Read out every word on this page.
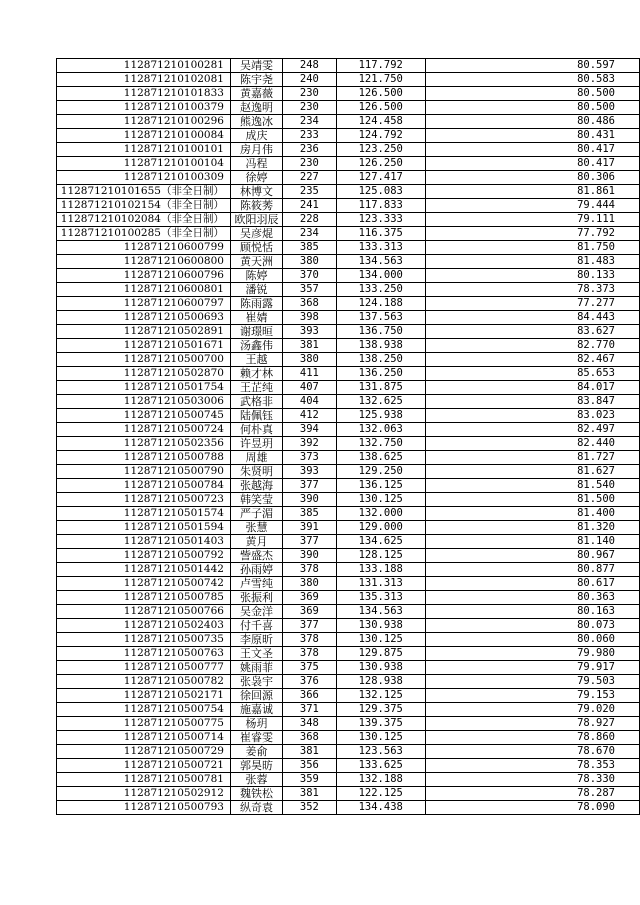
112871210100281	吴靖雯	248	117.792	80.597
112871210102081	陈宇尧	240	121.750	80.583
112871210101833	黄嘉薇	230	126.500	80.500
112871210100379	赵逸明	230	126.500	80.500
112871210100296	熊逸冰	234	124.458	80.486
112871210100084	成庆	233	124.792	80.431
112871210100101	房月伟	236	123.250	80.417
112871210100104	冯程	230	126.250	80.417
112871210100309	徐婷	227	127.417	80.306
112871210101655（非全日制）	林博文	235	125.083	81.861
112871210102154（非全日制）	陈筱莠	241	117.833	79.444
112871210102084（非全日制）	欧阳羽辰	228	123.333	79.111
112871210100285（非全日制）	吴彦焜	234	116.375	77.792
112871210600799	顾悦恬	385	133.313	81.750
112871210600800	黄天洲	380	134.563	81.483
112871210600796	陈婷	370	134.000	80.133
112871210600801	潘锐	357	133.250	78.373
112871210600797	陈雨露	368	124.188	77.277
112871210500693	崔婧	398	137.563	84.443
112871210502891	谢璟晅	393	136.750	83.627
112871210501671	汤鑫伟	381	138.938	82.770
112871210500700	王越	380	138.250	82.467
112871210502870	赖才林	411	136.250	85.653
112871210501754	王芷纯	407	131.875	84.017
112871210503006	武格非	404	132.625	83.847
112871210500745	陆佩钰	412	125.938	83.023
112871210500724	何朴真	394	132.063	82.497
112871210502356	许昱玥	392	132.750	82.440
112871210500788	周雄	373	138.625	81.727
112871210500790	朱贤明	393	129.250	81.627
112871210500784	张越海	377	136.125	81.540
112871210500723	韩笑莹	390	130.125	81.500
112871210501574	严子湄	385	132.000	81.400
112871210501594	张慧	391	129.000	81.320
112871210501403	黄月	377	134.625	81.140
112871210500792	訾盛杰	390	128.125	80.967
112871210501442	孙雨婷	378	133.188	80.877
112871210500742	卢雪纯	380	131.313	80.617
112871210500785	张振利	369	135.313	80.363
112871210500766	吴金洋	369	134.563	80.163
112871210502403	付千喜	377	130.938	80.073
112871210500735	李原昕	378	130.125	80.060
112871210500763	王文圣	378	129.875	79.980
112871210500777	姚雨菲	375	130.938	79.917
112871210500782	张袅宇	376	128.938	79.503
112871210502171	徐回源	366	132.125	79.153
112871210500754	施嘉诚	371	129.375	79.020
112871210500775	杨玥	348	139.375	78.927
112871210500714	崔睿雯	368	130.125	78.860
112871210500729	姜俞	381	123.563	78.670
112871210500721	郭昊昉	356	133.625	78.353
112871210500781	张蓉	359	132.188	78.330
112871210502912	魏铁松	381	122.125	78.287
112871210500793	纵奇袁	352	134.438	78.090
